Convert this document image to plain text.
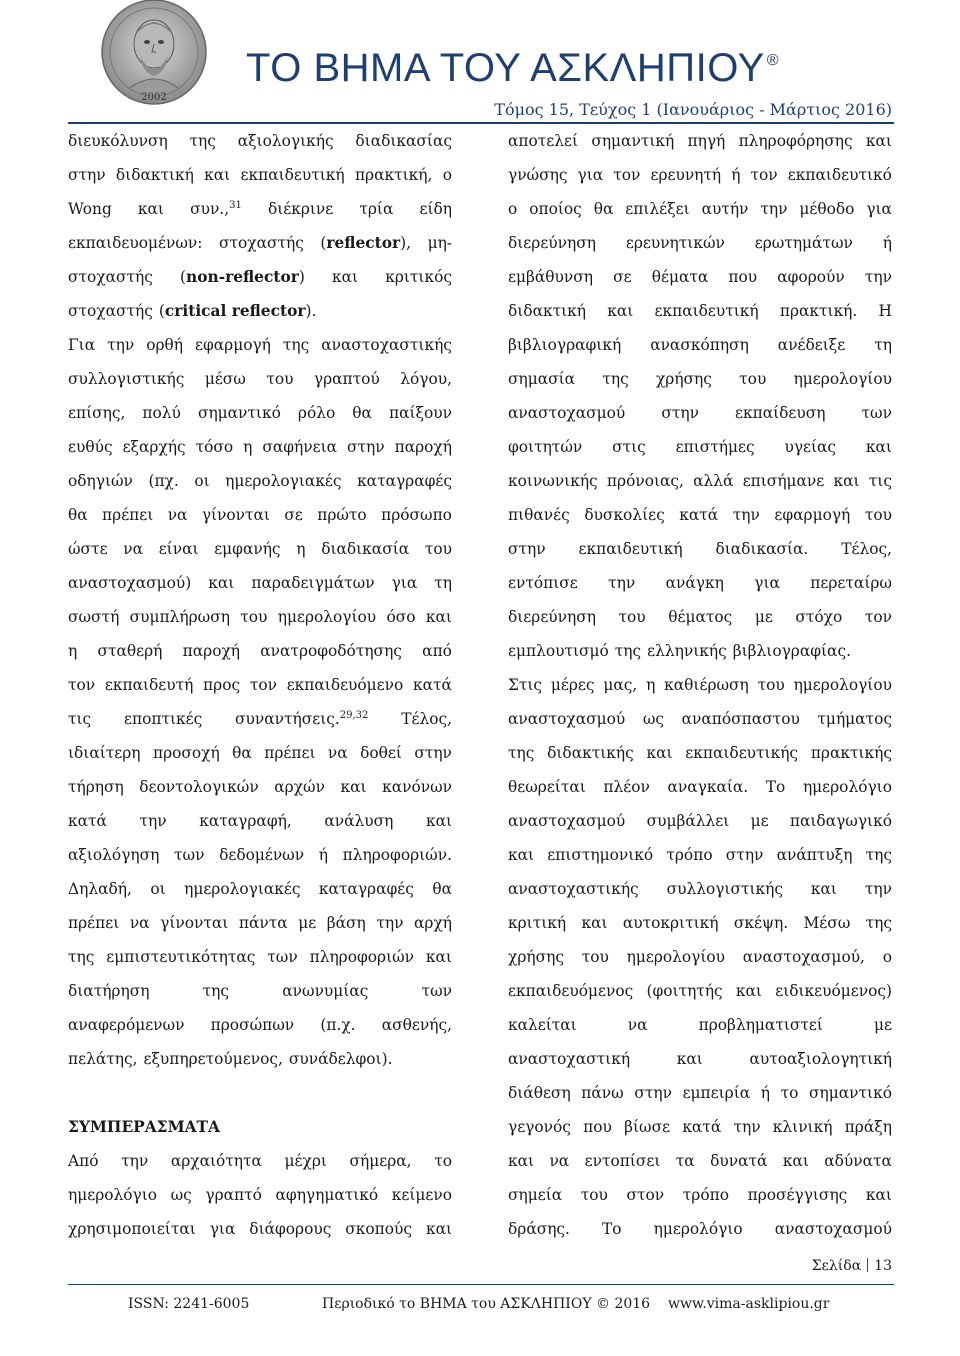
2002
ΤΟ ΒΗΜΑ ΤΟΥ ΑΣΚΛΗΠΙΟΥ ®
Τόμος 15, Τεύχος 1 (Ιανουάριος - Μάρτιος 2016)
διευκόλυνση της αξιολογικής διαδικασίας
στην διδακτική και εκπαιδευτική πρακτική, ο
Wong και συν.,$^{31}$ διέκρινε τρία είδη
εκπαιδευομένων: στοχαστής (reflector), μη-
στοχαστής (non-reflector) και κριτικός
στοχαστής (critical reflector).
Για την ορθή εφαρμογή της αναστοχαστικής
συλλογιστικής μέσω του γραπτού λόγου,
επίσης, πολύ σημαντικό ρόλο θα παίξουν
ευθύς εξαρχής τόσο η σαφήνεια στην παροχή
οδηγιών (πχ. οι ημερολογιακές καταγραφές
θα πρέπει να γίνονται σε πρώτο πρόσωπο
ώστε να είναι εμφανής η διαδικασία του
αναστοχασμού) και παραδειγμάτων για τη
σωστή συμπλήρωση του ημερολογίου όσο και
η σταθερή παροχή ανατροφοδότησης από
τον εκπαιδευτή προς τον εκπαιδευόμενο κατά
τις εποπτικές συναντήσεις.$^{29,32}$ Τέλος,
ιδιαίτερη προσοχή θα πρέπει να δοθεί στην
τήρηση δεοντολογικών αρχών και κανόνων
κατά την καταγραφή, ανάλυση και
αξιολόγηση των δεδομένων ή πληροφοριών.
Δηλαδή, οι ημερολογιακές καταγραφές θα
πρέπει να γίνονται πάντα με βάση την αρχή
της εμπιστευτικότητας των πληροφοριών και
διατήρηση	της	ανωνυμίας	των
αναφερόμενων προσώπων (π.χ. ασθενής,
πελάτης, εξυπηρετούμενος, συνάδελφοι).
ΣΥΜΠΕΡΑΣΜΑΤΑ
Από την αρχαιότητα μέχρι σήμερα, το
ημερολόγιο ως γραπτό αφηγηματικό κείμενο
χρησιμοποιείται για διάφορους σκοπούς και
αποτελεί σημαντική πηγή πληροφόρησης και
γνώσης για τον ερευνητή ή τον εκπαιδευτικό
ο οποίος θα επιλέξει αυτήν την μέθοδο για
διερεύνηση ερευνητικών ερωτημάτων ή
εμβάθυνση σε θέματα που αφορούν την
διδακτική και εκπαιδευτική πρακτική. Η
βιβλιογραφική ανασκόπηση ανέδειξε τη
σημασία της χρήσης του ημερολογίου
αναστοχασμού στην εκπαίδευση των
φοιτητών στις επιστήμες υγείας και
κοινωνικής πρόνοιας, αλλά επισήμανε και τις
πιθανές δυσκολίες κατά την εφαρμογή του
στην εκπαιδευτική διαδικασία. Τέλος,
εντόπισε την ανάγκη για περεταίρω
διερεύνηση του θέματος με στόχο τον
εμπλουτισμό της ελληνικής βιβλιογραφίας.
Στις μέρες μας, η καθιέρωση του ημερολογίου
αναστοχασμού ως αναπόσπαστου τμήματος
της διδακτικής και εκπαιδευτικής πρακτικής
θεωρείται πλέον αναγκαία. Το ημερολόγιο
αναστοχασμού συμβάλλει με παιδαγωγικό
και επιστημονικό τρόπο στην ανάπτυξη της
αναστοχαστικής συλλογιστικής και την
κριτική και αυτοκριτική σκέψη. Μέσω της
χρήσης του ημερολογίου αναστοχασμού, ο
εκπαιδευόμενος (φοιτητής και ειδικευόμενος)
καλείται	να	προβληματιστεί	με
αναστοχαστική	και	αυτοαξιολογητική
διάθεση πάνω στην εμπειρία ή το σημαντικό
γεγονός που βίωσε κατά την κλινική πράξη
και να εντοπίσει τα δυνατά και αδύνατα
σημεία του στον τρόπο προσέγγισης και
δράσης. Το ημερολόγιο αναστοχασμού
Σελίδα 13
ISSN: 2241-6005	Περιοδικό το ΒΗΜΑ του ΑΣΚΛΗΠΙΟΥ © 2016 www.vima-asklipiou.gr
